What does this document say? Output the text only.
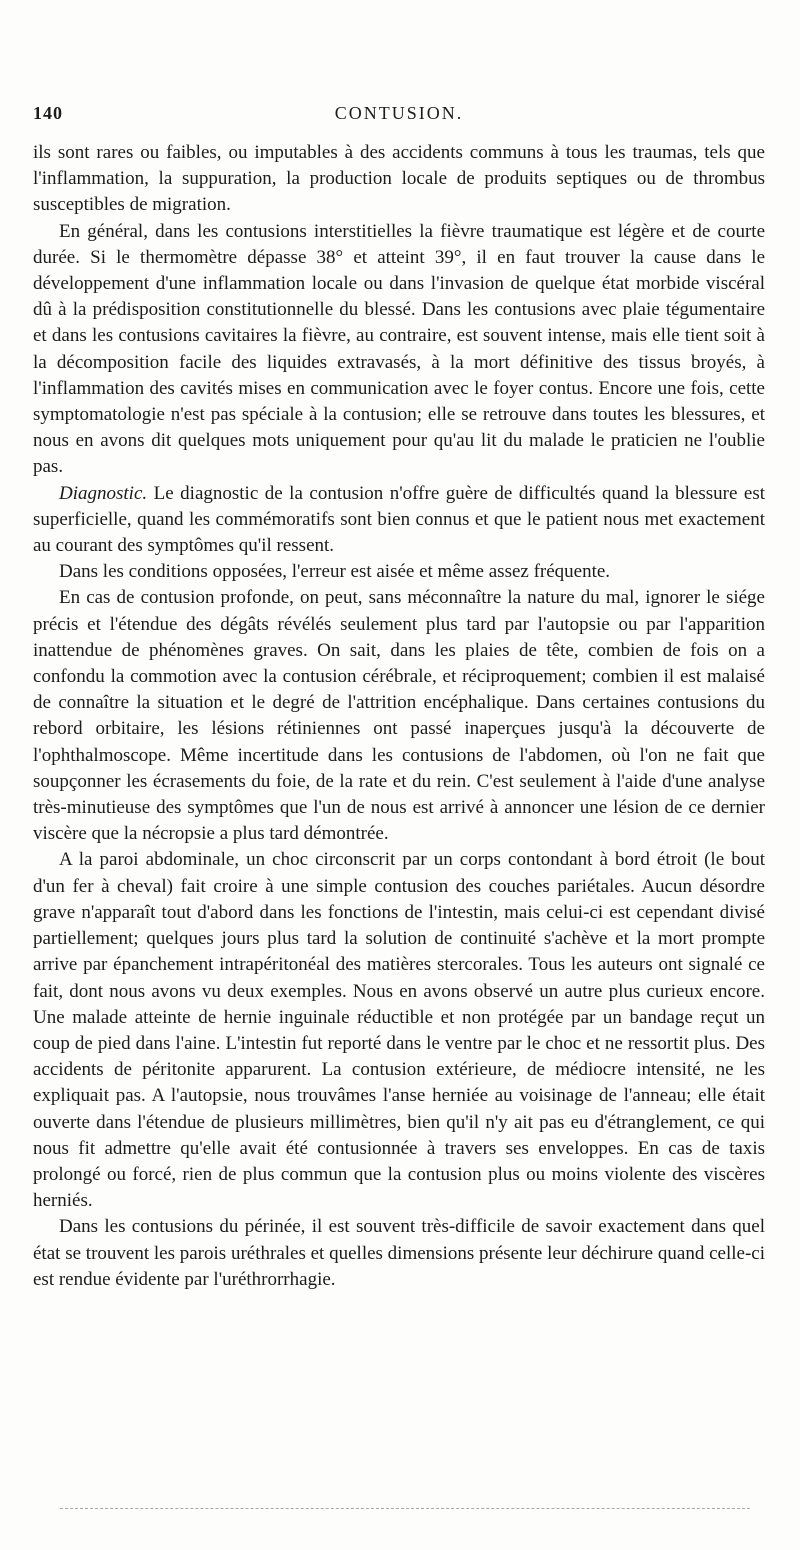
140	CONTUSION.

ils sont rares ou faibles, ou imputables à des accidents communs à tous les traumas, tels que l'inflammation, la suppuration, la production locale de produits septiques ou de thrombus susceptibles de migration.

En général, dans les contusions interstitielles la fièvre traumatique est légère et de courte durée. Si le thermomètre dépasse 38° et atteint 39°, il en faut trouver la cause dans le développement d'une inflammation locale ou dans l'invasion de quelque état morbide viscéral dû à la prédisposition constitutionnelle du blessé. Dans les contusions avec plaie tégumentaire et dans les contusions cavitaires la fièvre, au contraire, est souvent intense, mais elle tient soit à la décomposition facile des liquides extravasés, à la mort définitive des tissus broyés, à l'inflammation des cavités mises en communication avec le foyer contus. Encore une fois, cette symptomatologie n'est pas spéciale à la contusion; elle se retrouve dans toutes les blessures, et nous en avons dit quelques mots uniquement pour qu'au lit du malade le praticien ne l'oublie pas.

Diagnostic. Le diagnostic de la contusion n'offre guère de difficultés quand la blessure est superficielle, quand les commémoratifs sont bien connus et que le patient nous met exactement au courant des symptômes qu'il ressent.

Dans les conditions opposées, l'erreur est aisée et même assez fréquente.

En cas de contusion profonde, on peut, sans méconnaître la nature du mal, ignorer le siége précis et l'étendue des dégâts révélés seulement plus tard par l'autopsie ou par l'apparition inattendue de phénomènes graves. On sait, dans les plaies de tête, combien de fois on a confondu la commotion avec la contusion cérébrale, et réciproquement; combien il est malaisé de connaître la situation et le degré de l'attrition encéphalique. Dans certaines contusions du rebord orbitaire, les lésions rétiniennes ont passé inaperçues jusqu'à la découverte de l'ophthalmoscope. Même incertitude dans les contusions de l'abdomen, où l'on ne fait que soupçonner les écrasements du foie, de la rate et du rein. C'est seulement à l'aide d'une analyse très-minutieuse des symptômes que l'un de nous est arrivé à annoncer une lésion de ce dernier viscère que la nécropsie a plus tard démontrée.

A la paroi abdominale, un choc circonscrit par un corps contondant à bord étroit (le bout d'un fer à cheval) fait croire à une simple contusion des couches pariétales. Aucun désordre grave n'apparaît tout d'abord dans les fonctions de l'intestin, mais celui-ci est cependant divisé partiellement; quelques jours plus tard la solution de continuité s'achève et la mort prompte arrive par épanchement intrapéritonéal des matières stercorales. Tous les auteurs ont signalé ce fait, dont nous avons vu deux exemples. Nous en avons observé un autre plus curieux encore. Une malade atteinte de hernie inguinale réductible et non protégée par un bandage reçut un coup de pied dans l'aine. L'intestin fut reporté dans le ventre par le choc et ne ressortit plus. Des accidents de péritonite apparurent. La contusion extérieure, de médiocre intensité, ne les expliquait pas. A l'autopsie, nous trouvâmes l'anse herniée au voisinage de l'anneau; elle était ouverte dans l'étendue de plusieurs millimètres, bien qu'il n'y ait pas eu d'étranglement, ce qui nous fit admettre qu'elle avait été contusionnée à travers ses enveloppes. En cas de taxis prolongé ou forcé, rien de plus commun que la contusion plus ou moins violente des viscères herniés.

Dans les contusions du périnée, il est souvent très-difficile de savoir exactement dans quel état se trouvent les parois uréthrales et quelles dimensions présente leur déchirure quand celle-ci est rendue évidente par l'uréthrorrhagie.
